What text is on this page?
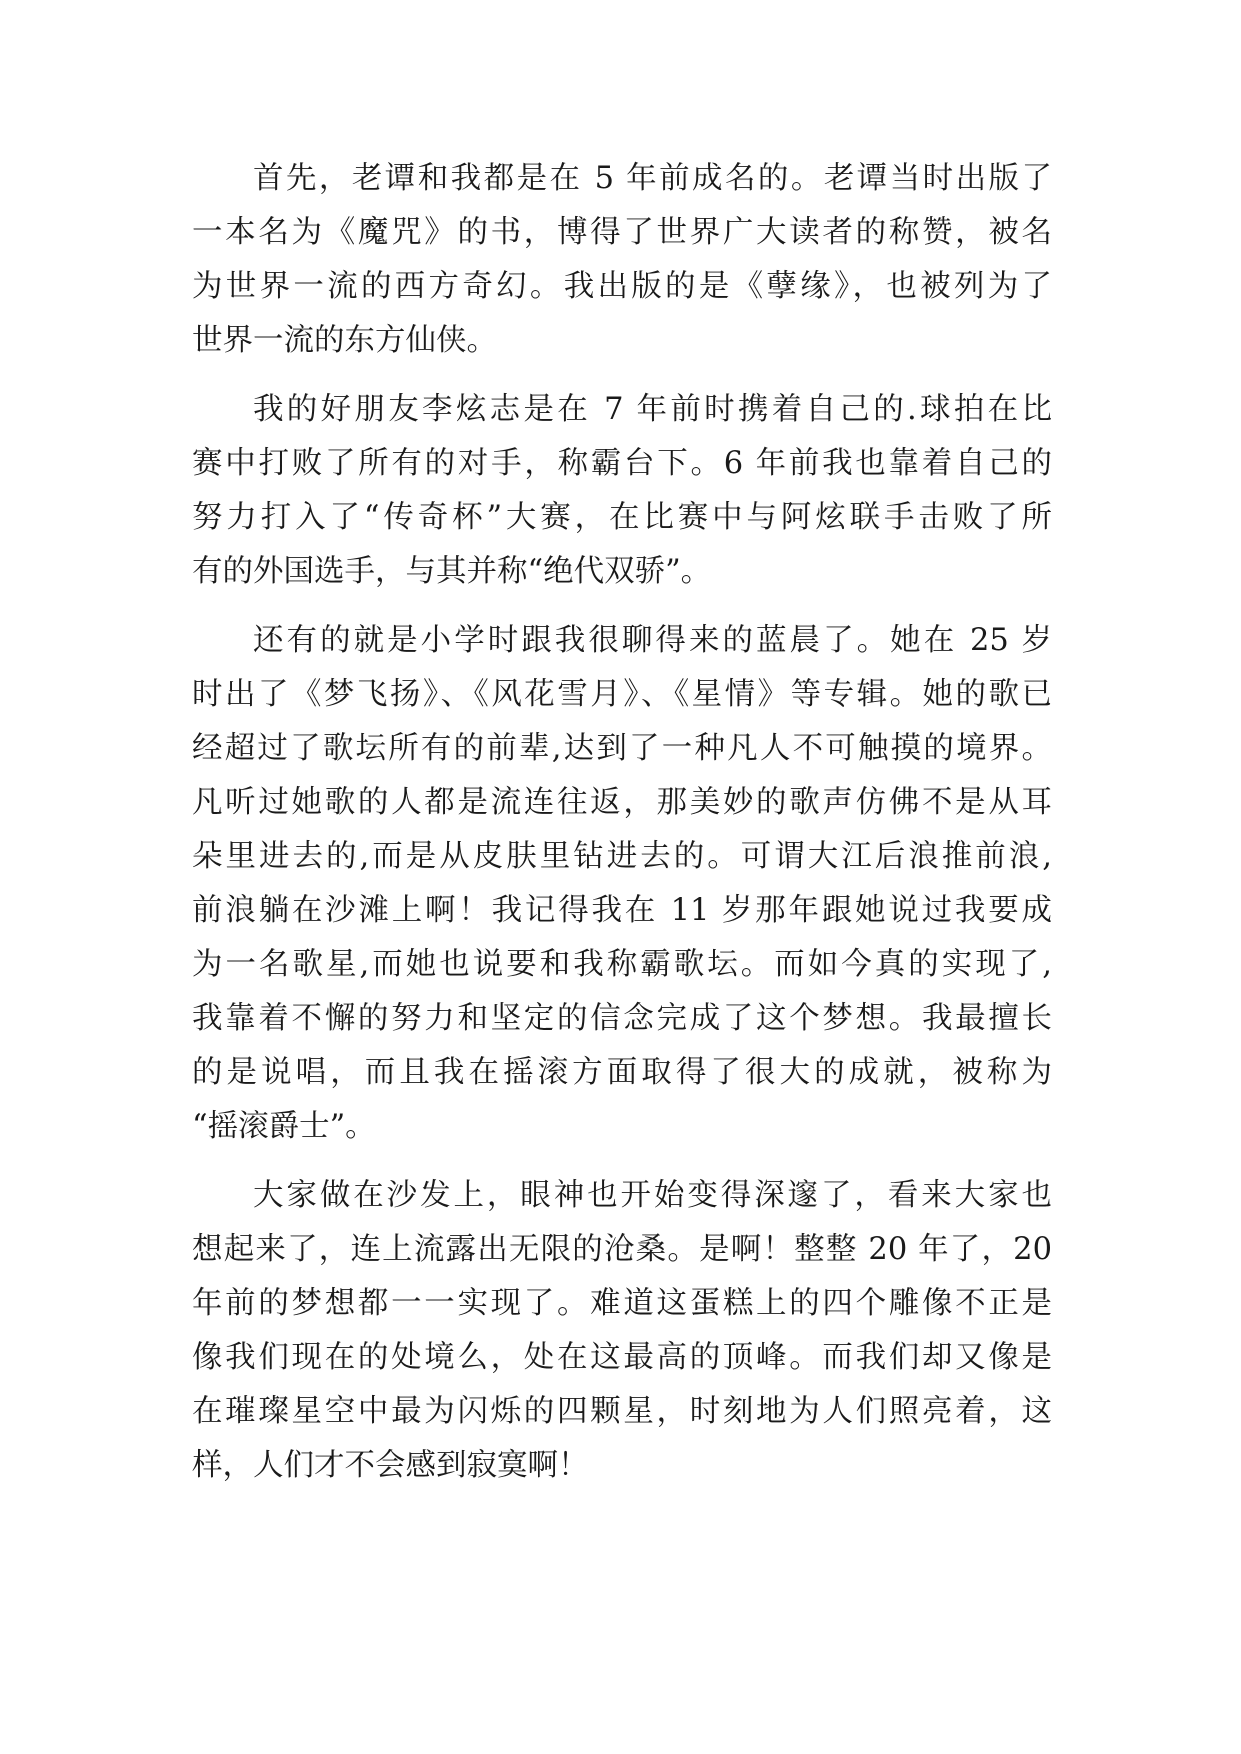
首先，老谭和我都是在 5 年前成名的。老谭当时出版了
一本名为《魔咒》的书，博得了世界广大读者的称赞，被名
为世界一流的西方奇幻。我出版的是《孽缘》，也被列为了
世界一流的东方仙侠。
我的好朋友李炫志是在 7 年前时携着自己的.球拍在比
赛中打败了所有的对手，称霸台下。6 年前我也靠着自己的
努力打入了“传奇杯”大赛，在比赛中与阿炫联手击败了所
有的外国选手，与其并称“绝代双骄”。
还有的就是小学时跟我很聊得来的蓝晨了。她在 25 岁
时出了《梦飞扬》、《风花雪月》、《星情》等专辑。她的歌已
经超过了歌坛所有的前辈,达到了一种凡人不可触摸的境界。
凡听过她歌的人都是流连往返，那美妙的歌声仿佛不是从耳
朵里进去的,而是从皮肤里钻进去的。可谓大江后浪推前浪,
前浪躺在沙滩上啊！我记得我在 11 岁那年跟她说过我要成
为一名歌星,而她也说要和我称霸歌坛。而如今真的实现了,
我靠着不懈的努力和坚定的信念完成了这个梦想。我最擅长
的是说唱，而且我在摇滚方面取得了很大的成就，被称为
“摇滚爵士”。
大家做在沙发上，眼神也开始变得深邃了，看来大家也
想起来了，连上流露出无限的沧桑。是啊！整整 20 年了，20
年前的梦想都一一实现了。难道这蛋糕上的四个雕像不正是
像我们现在的处境么，处在这最高的顶峰。而我们却又像是
在璀璨星空中最为闪烁的四颗星，时刻地为人们照亮着，这
样，人们才不会感到寂寞啊！
